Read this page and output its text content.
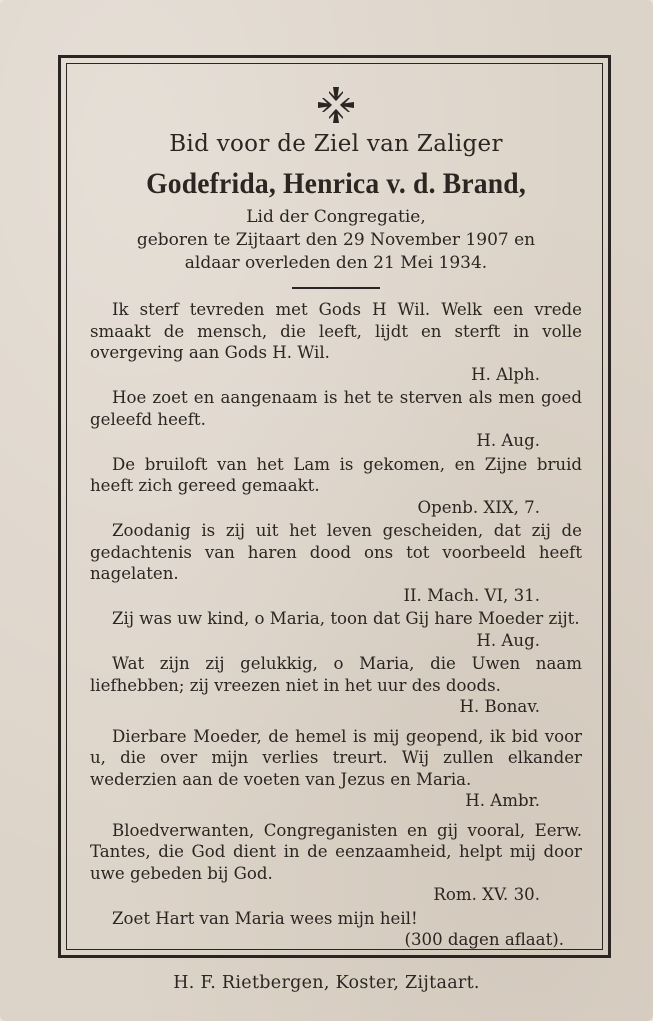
Bid voor de Ziel van Zaliger
Godefrida, Henrica v. d. Brand,
Lid der Congregatie,
geboren te Zijtaart den 29 November 1907 en
aldaar overleden den 21 Mei 1934.
Ik sterf tevreden met Gods H Wil. Welk een vrede smaakt de mensch, die leeft, lijdt en sterft in volle overgeving aan Gods H. Wil.
H. Alph.
Hoe zoet en aangenaam is het te sterven als men goed geleefd heeft.
H. Aug.
De bruiloft van het Lam is gekomen, en Zijne bruid heeft zich gereed gemaakt.
Openb. XIX, 7.
Zoodanig is zij uit het leven gescheiden, dat zij de gedachtenis van haren dood ons tot voorbeeld heeft nagelaten.
II. Mach. VI, 31.
Zij was uw kind, o Maria, toon dat Gij hare Moeder zijt.
H. Aug.
Wat zijn zij gelukkig, o Maria, die Uwen naam liefhebben; zij vreezen niet in het uur des doods.
H. Bonav.
Dierbare Moeder, de hemel is mij geopend, ik bid voor u, die over mijn verlies treurt. Wij zullen elkander wederzien aan de voeten van Jezus en Maria.
H. Ambr.
Bloedverwanten, Congreganisten en gij vooral, Eerw. Tantes, die God dient in de eenzaamheid, helpt mij door uwe gebeden bij God.
Rom. XV. 30.
Zoet Hart van Maria wees mijn heil!
(300 dagen aflaat).
H. F. Rietbergen, Koster, Zijtaart.
